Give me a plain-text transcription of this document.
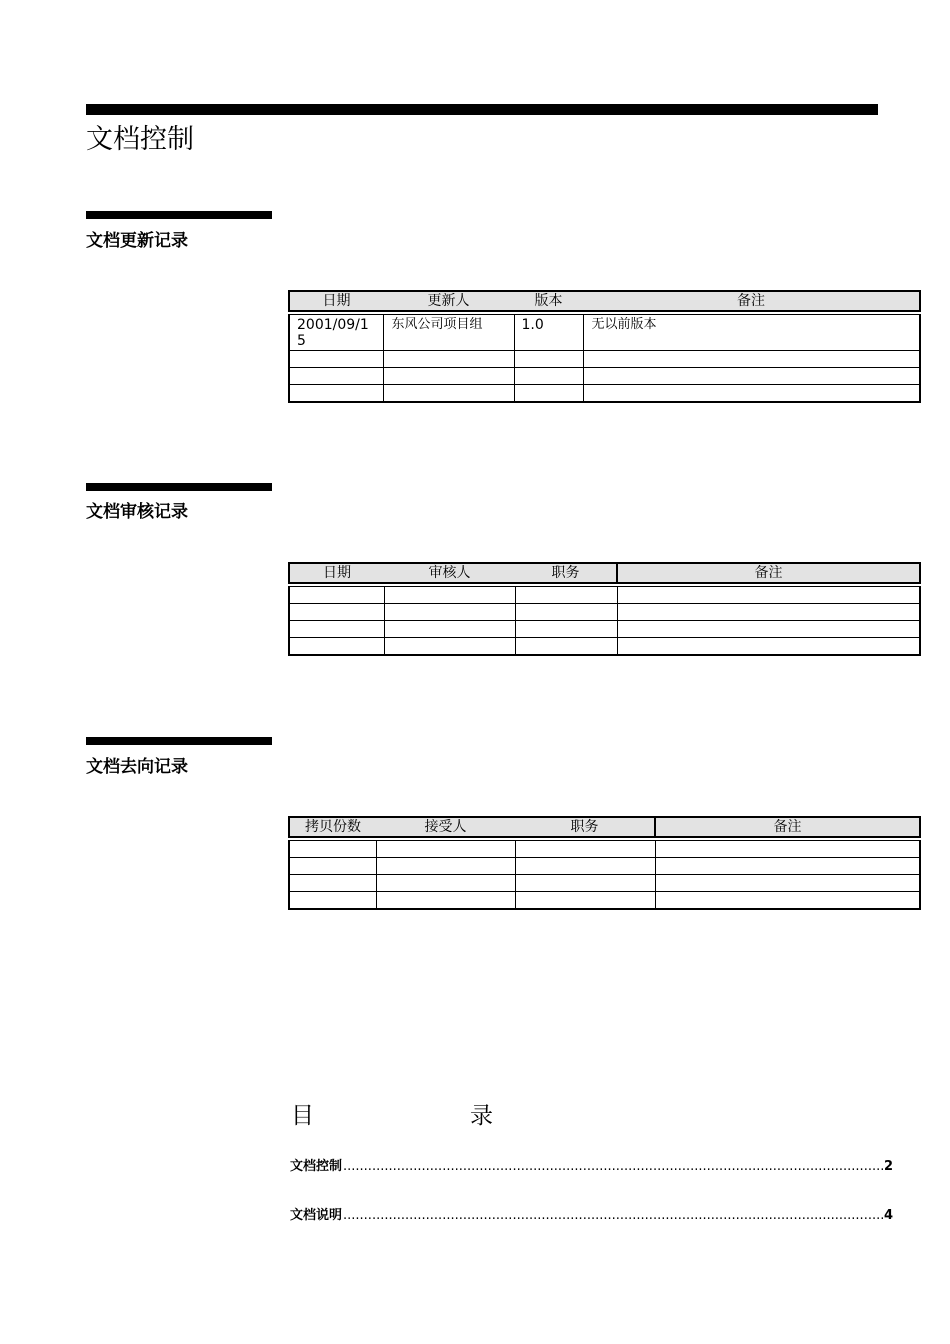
文档控制
文档更新记录
日期	更新人	版本	备注

2001/09/15	东风公司项目组	1.0	无以前版本

文档审核记录
日期	审核人	职务	备注

文档去向记录
拷贝份数	接受人	职务	备注

目	录
文档控制 .....	2
文档说明 .....	4
